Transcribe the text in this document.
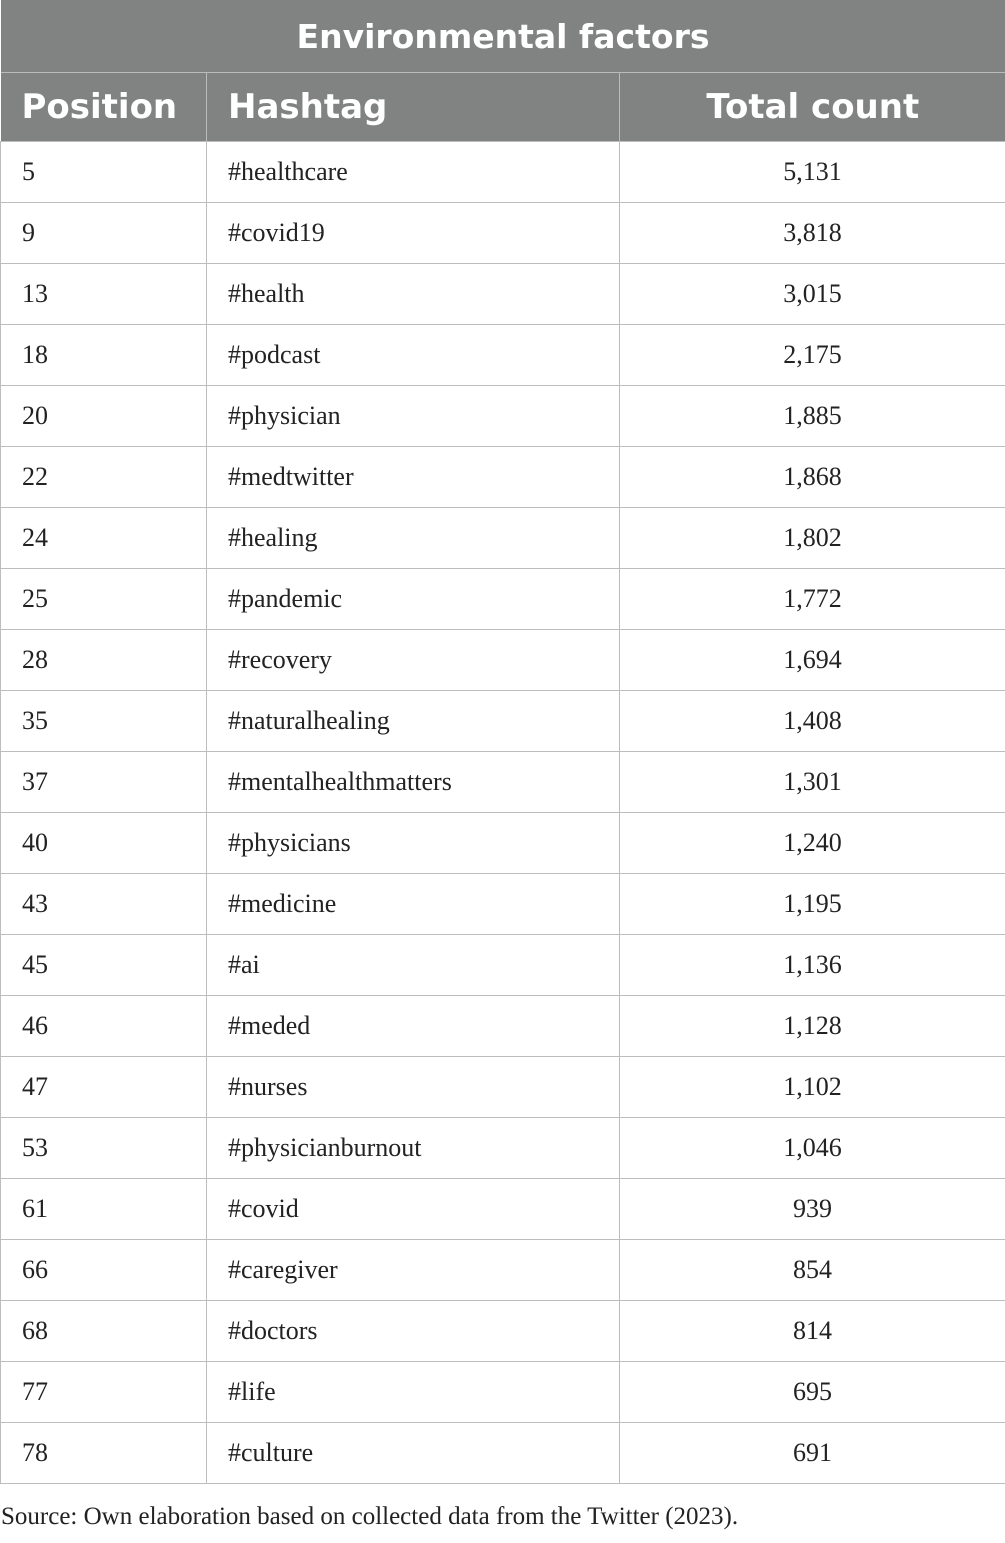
Environmental factors		
Position	Hashtag	Total count
5	#healthcare	5,131
9	#covid19	3,818
13	#health	3,015
18	#podcast	2,175
20	#physician	1,885
22	#medtwitter	1,868
24	#healing	1,802
25	#pandemic	1,772
28	#recovery	1,694
35	#naturalhealing	1,408
37	#mentalhealthmatters	1,301
40	#physicians	1,240
43	#medicine	1,195
45	#ai	1,136
46	#meded	1,128
47	#nurses	1,102
53	#physicianburnout	1,046
61	#covid	939
66	#caregiver	854
68	#doctors	814
77	#life	695
78	#culture	691
Source: Own elaboration based on collected data from the Twitter (2023).
